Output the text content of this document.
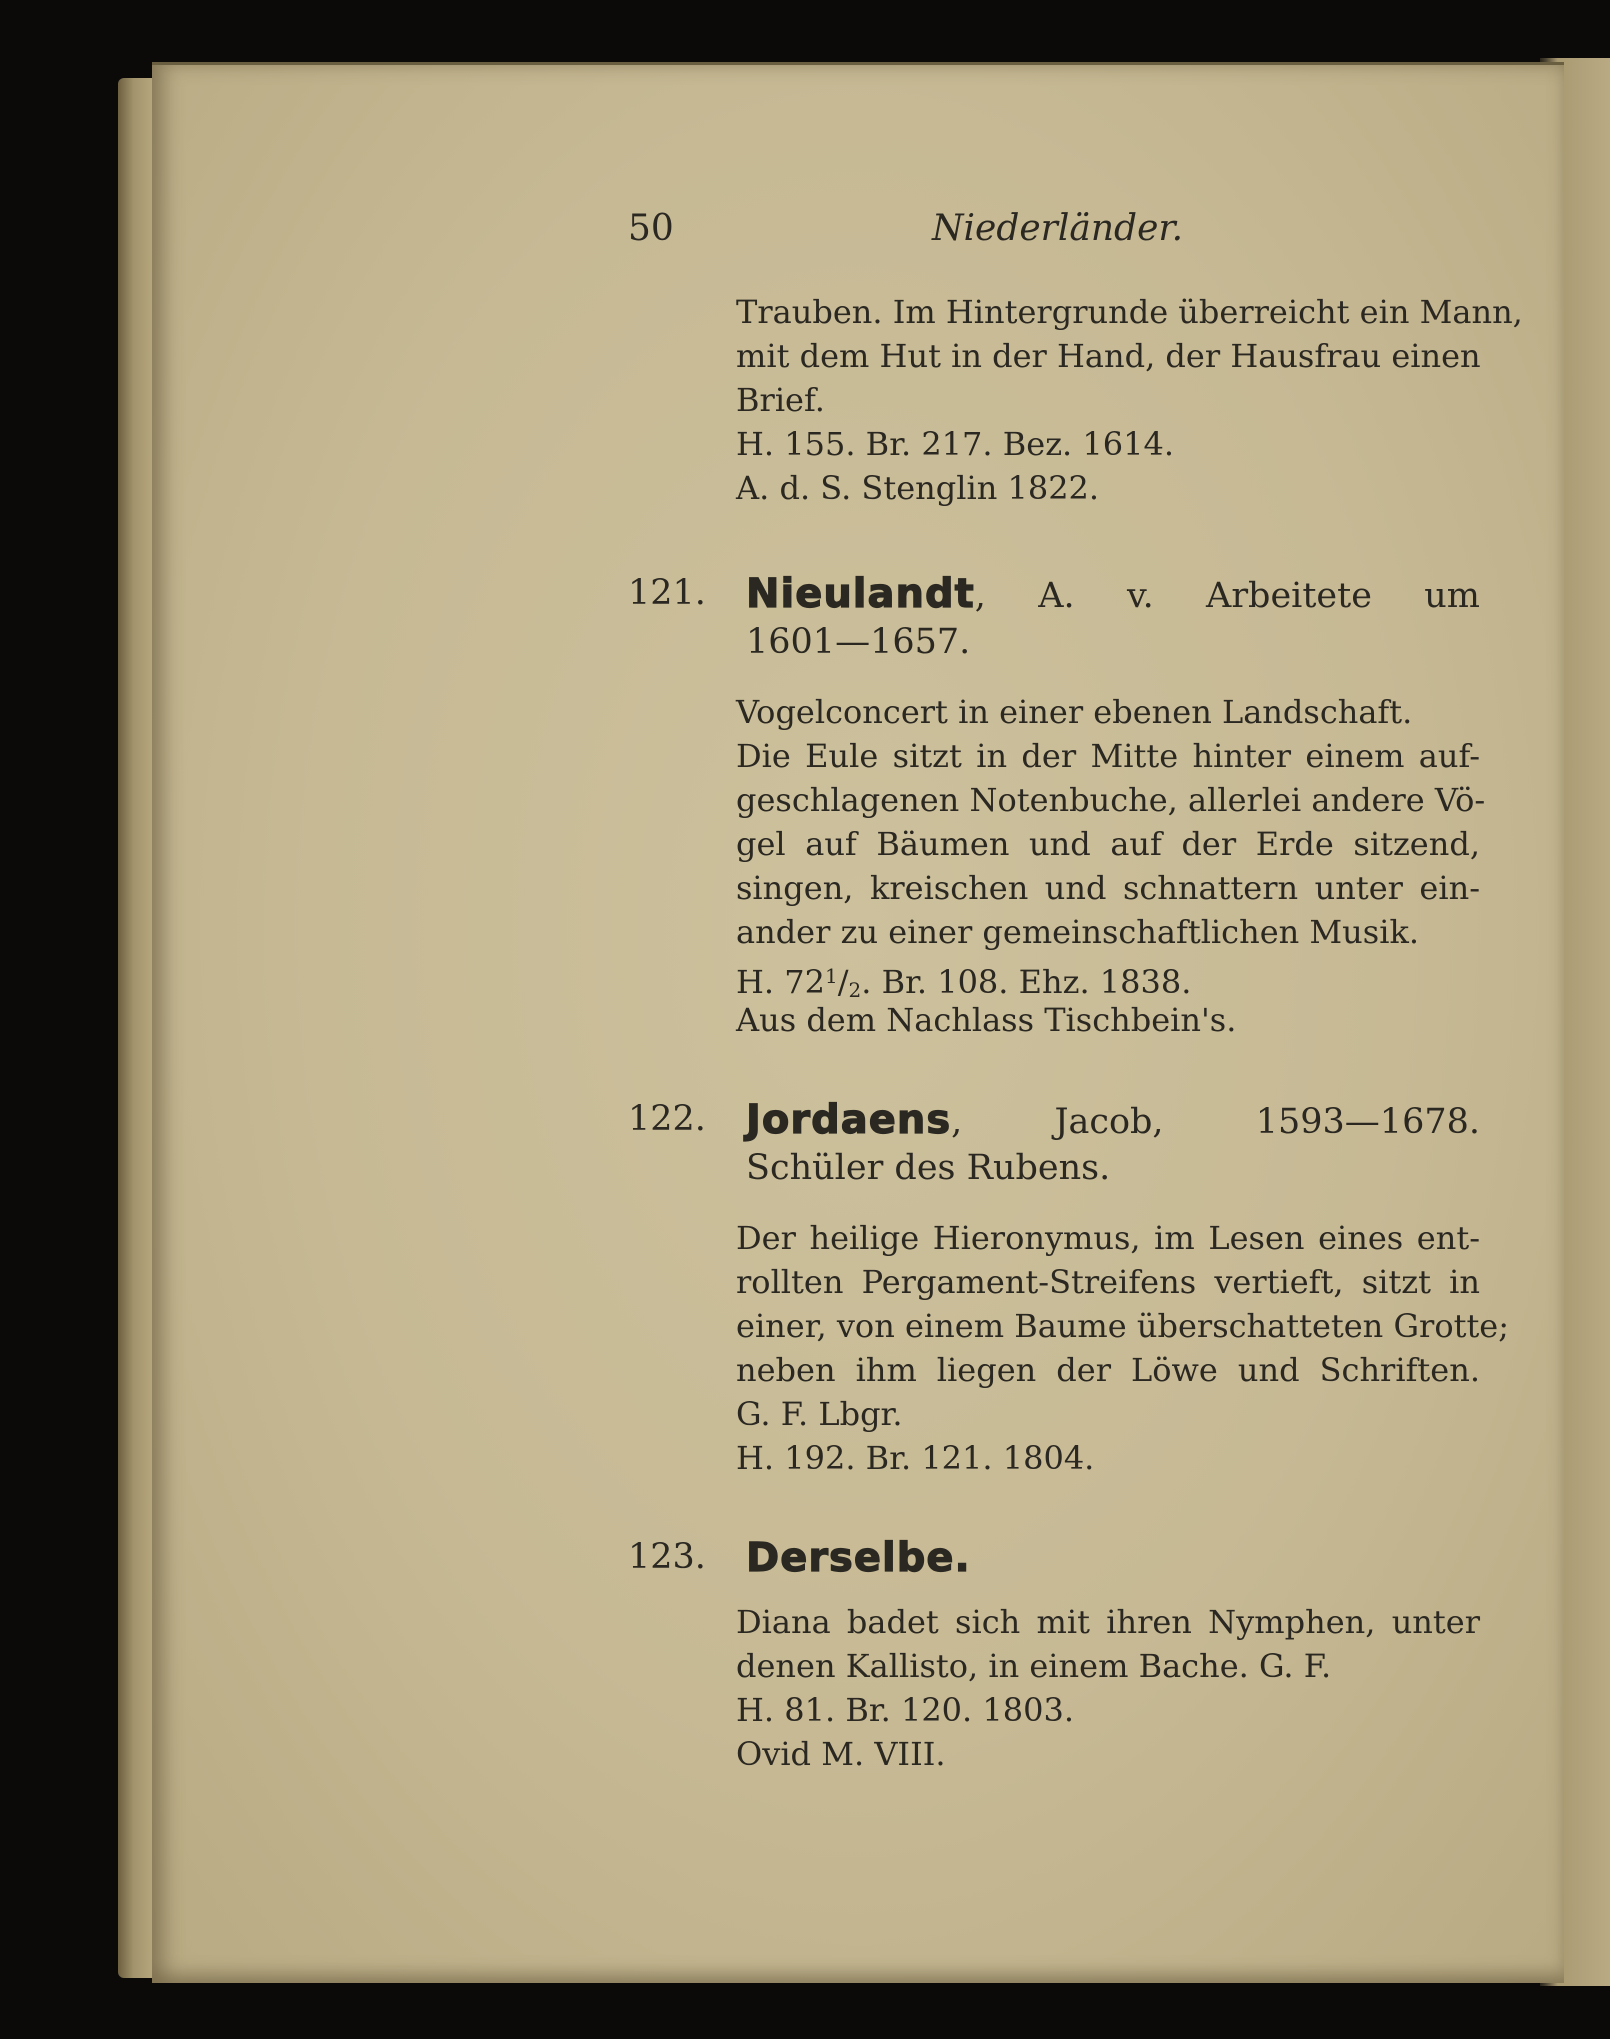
50	Niederländer.
Trauben. Im Hintergrunde überreicht ein Mann,
mit dem Hut in der Hand, der Hausfrau einen
Brief.
H. 155. Br. 217. Bez. 1614.
A. d. S. Stenglin 1822.
121. Nieulandt, A. v. Arbeitete um
1601—1657.
Vogelconcert in einer ebenen Landschaft.
Die Eule sitzt in der Mitte hinter einem auf-
geschlagenen Notenbuche, allerlei andere Vö-
gel auf Bäumen und auf der Erde sitzend,
singen, kreischen und schnattern unter ein-
ander zu einer gemeinschaftlichen Musik.
H. $72^1/_2$. Br. 108. Ehz. 1838.
Aus dem Nachlass Tischbein's.
122. Jordaens, Jacob, 1593—1678.
Schüler des Rubens.
Der heilige Hieronymus, im Lesen eines ent-
rollten Pergament-Streifens vertieft, sitzt in
einer, von einem Baume überschatteten Grotte;
neben ihm liegen der Löwe und Schriften.
G. F. Lbgr.
H. 192. Br. 121. 1804.
123. Derselbe.
Diana badet sich mit ihren Nymphen, unter
denen Kallisto, in einem Bache. G. F.
H. 81. Br. 120. 1803.
Ovid M. VIII.
